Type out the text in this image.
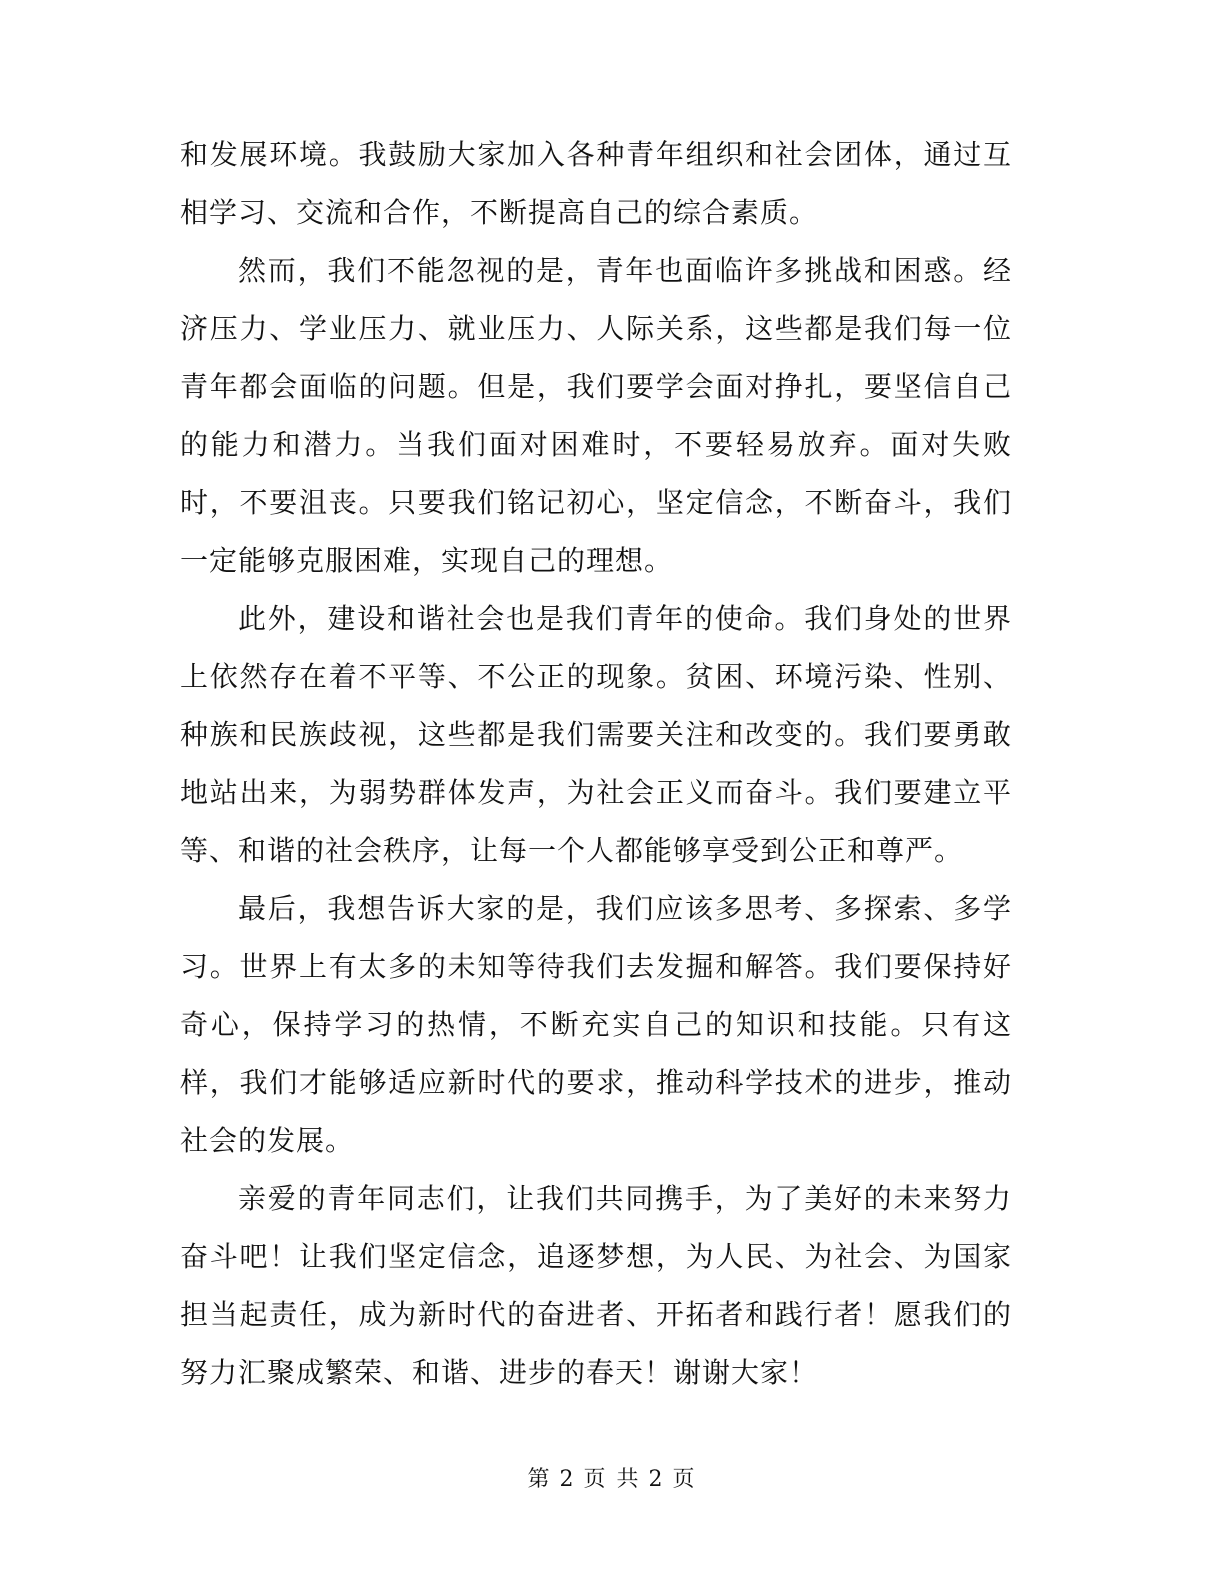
和发展环境。我鼓励大家加入各种青年组织和社会团体，通过互相学习、交流和合作，不断提高自己的综合素质。

然而，我们不能忽视的是，青年也面临许多挑战和困惑。经济压力、学业压力、就业压力、人际关系，这些都是我们每一位青年都会面临的问题。但是，我们要学会面对挣扎，要坚信自己的能力和潜力。当我们面对困难时，不要轻易放弃。面对失败时，不要沮丧。只要我们铭记初心，坚定信念，不断奋斗，我们一定能够克服困难，实现自己的理想。

此外，建设和谐社会也是我们青年的使命。我们身处的世界上依然存在着不平等、不公正的现象。贫困、环境污染、性别、种族和民族歧视，这些都是我们需要关注和改变的。我们要勇敢地站出来，为弱势群体发声，为社会正义而奋斗。我们要建立平等、和谐的社会秩序，让每一个人都能够享受到公正和尊严。

最后，我想告诉大家的是，我们应该多思考、多探索、多学习。世界上有太多的未知等待我们去发掘和解答。我们要保持好奇心，保持学习的热情，不断充实自己的知识和技能。只有这样，我们才能够适应新时代的要求，推动科学技术的进步，推动社会的发展。

亲爱的青年同志们，让我们共同携手，为了美好的未来努力奋斗吧！让我们坚定信念，追逐梦想，为人民、为社会、为国家担当起责任，成为新时代的奋进者、开拓者和践行者！愿我们的努力汇聚成繁荣、和谐、进步的春天！谢谢大家！

第 2 页 共 2 页
